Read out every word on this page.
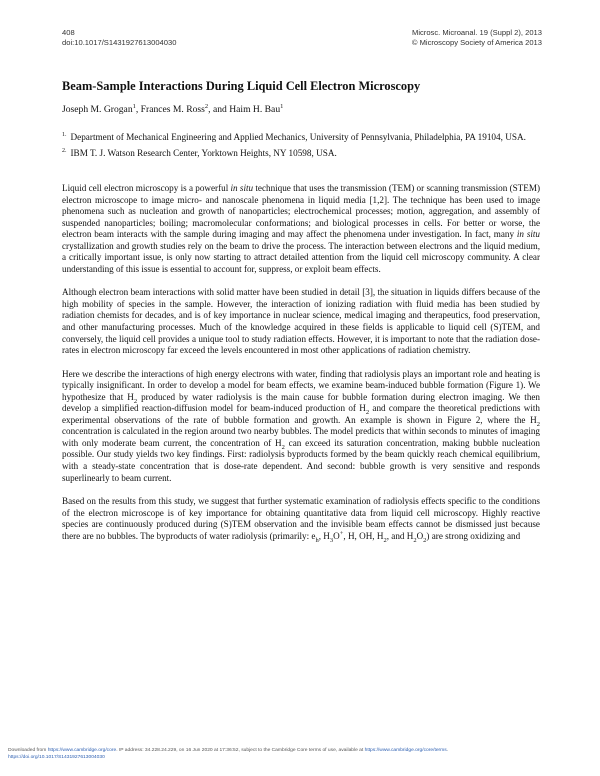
408
doi:10.1017/S1431927613004030
Microsc. Microanal. 19 (Suppl 2), 2013
© Microscopy Society of America 2013
Beam-Sample Interactions During Liquid Cell Electron Microscopy
Joseph M. Grogan$^1$, Frances M. Ross$^2$, and Haim H. Bau$^1$
$^{1.}$ Department of Mechanical Engineering and Applied Mechanics, University of Pennsylvania, Philadelphia, PA 19104, USA.
$^{2.}$ IBM T. J. Watson Research Center, Yorktown Heights, NY 10598, USA.

Liquid cell electron microscopy is a powerful in situ technique that uses the transmission (TEM) or scanning transmission (STEM) electron microscope to image micro- and nanoscale phenomena in liquid media [1,2]. The technique has been used to image phenomena such as nucleation and growth of nanoparticles; electrochemical processes; motion, aggregation, and assembly of suspended nanoparticles; boiling; macromolecular conformations; and biological processes in cells. For better or worse, the electron beam interacts with the sample during imaging and may affect the phenomena under investigation. In fact, many in situ crystallization and growth studies rely on the beam to drive the process. The interaction between electrons and the liquid medium, a critically important issue, is only now starting to attract detailed attention from the liquid cell microscopy community. A clear understanding of this issue is essential to account for, suppress, or exploit beam effects.

Although electron beam interactions with solid matter have been studied in detail [3], the situation in liquids differs because of the high mobility of species in the sample. However, the interaction of ionizing radiation with fluid media has been studied by radiation chemists for decades, and is of key importance in nuclear science, medical imaging and therapeutics, food preservation, and other manufacturing processes. Much of the knowledge acquired in these fields is applicable to liquid cell (S)TEM, and conversely, the liquid cell provides a unique tool to study radiation effects. However, it is important to note that the radiation dose-rates in electron microscopy far exceed the levels encountered in most other applications of radiation chemistry.

Here we describe the interactions of high energy electrons with water, finding that radiolysis plays an important role and heating is typically insignificant. In order to develop a model for beam effects, we examine beam-induced bubble formation (Figure 1). We hypothesize that $H_2$ produced by water radiolysis is the main cause for bubble formation during electron imaging. We then develop a simplified reaction-diffusion model for beam-induced production of $H_2$ and compare the theoretical predictions with experimental observations of the rate of bubble formation and growth. An example is shown in Figure 2, where the $H_2$ concentration is calculated in the region around two nearby bubbles. The model predicts that within seconds to minutes of imaging with only moderate beam current, the concentration of $H_2$ can exceed its saturation concentration, making bubble nucleation possible. Our study yields two key findings. First: radiolysis byproducts formed by the beam quickly reach chemical equilibrium, with a steady-state concentration that is dose-rate dependent. And second: bubble growth is very sensitive and responds superlinearly to beam current.

Based on the results from this study, we suggest that further systematic examination of radiolysis effects specific to the conditions of the electron microscope is of key importance for obtaining quantitative data from liquid cell microscopy. Highly reactive species are continuously produced during (S)TEM observation and the invisible beam effects cannot be dismissed just because there are no bubbles. The byproducts of water radiolysis (primarily: $e_h$, $H_3O^+$, H, OH, $H_2$, and $H_2O_2$) are strong oxidizing and

Downloaded from https://www.cambridge.org/core. IP address: 34.228.24.229, on 16 Jun 2020 at 17:36:52, subject to the Cambridge Core terms of use, available at https://www.cambridge.org/core/terms.
https://doi.org/10.1017/S1431927613004030
